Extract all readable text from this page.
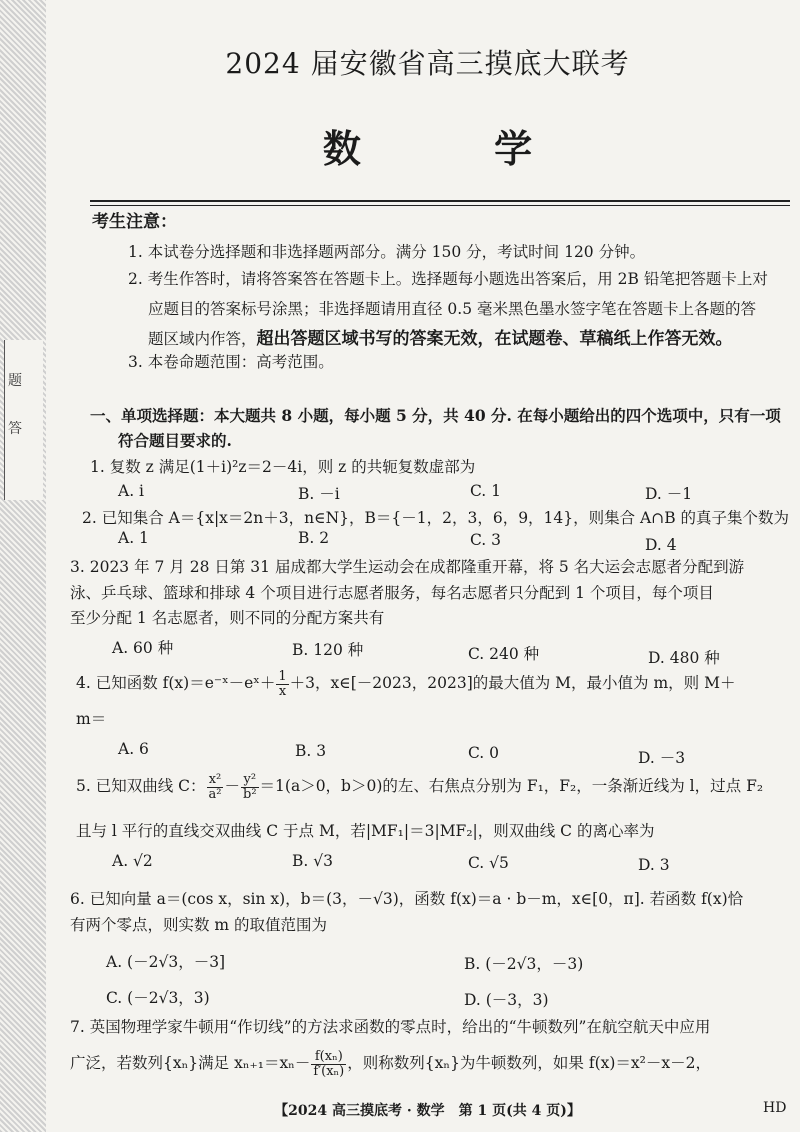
题
答
2024 届安徽省高三摸底大联考
数 学
考生注意：
1. 本试卷分选择题和非选择题两部分。满分 150 分，考试时间 120 分钟。
2. 考生作答时，请将答案答在答题卡上。选择题每小题选出答案后，用 2B 铅笔把答题卡上对
应题目的答案标号涂黑；非选择题请用直径 0.5 毫米黑色墨水签字笔在答题卡上各题的答
题区域内作答，超出答题区域书写的答案无效，在试题卷、草稿纸上作答无效。
3. 本卷命题范围：高考范围。
一、单项选择题：本大题共 8 小题，每小题 5 分，共 40 分. 在每小题给出的四个选项中，只有一项
符合题目要求的.
1. 复数 z 满足(1＋i)²z＝2－4i，则 z 的共轭复数虚部为
A. i	B. －i	C. 1	D. －1
2. 已知集合 A＝{x|x＝2n＋3，n∈N}，B＝{－1，2，3，6，9，14}，则集合 A∩B 的真子集个数为
A. 1	B. 2	C. 3	D. 4
3. 2023 年 7 月 28 日第 31 届成都大学生运动会在成都隆重开幕，将 5 名大运会志愿者分配到游
泳、乒乓球、篮球和排球 4 个项目进行志愿者服务，每名志愿者只分配到 1 个项目，每个项目
至少分配 1 名志愿者，则不同的分配方案共有
A. 60 种	B. 120 种	C. 240 种	D. 480 种
4. 已知函数 f(x)＝e⁻ˣ－eˣ＋ $\frac{1}{x} +3$，x∈[－2023，2023]的最大值为 M，最小值为 m，则 M＋
m＝
A. 6	B. 3	C. 0	D. －3
5. 已知双曲线 C： $\frac{\text{x²}}{\text{a²}} - \frac{\text{y²}}{\text{b²}} =1(a>0$，b＞0)的左、右焦点分别为 F₁，F₂，一条渐近线为 l，过点 F₂
且与 l 平行的直线交双曲线 C 于点 M，若|MF₁|＝3|MF₂|，则双曲线 C 的离心率为
A. √2	B. √3	C. √5	D. 3
6. 已知向量 a＝(cos x，sin x)，b＝(3，－√3)，函数 f(x)＝a · b－m，x∈[0，π]. 若函数 f(x)恰
有两个零点，则实数 m 的取值范围为
A. (－2√3，－3]	B. (－2√3，－3)
C. (－2√3，3)	D. (－3，3)
7. 英国物理学家牛顿用“作切线”的方法求函数的零点时，给出的“牛顿数列”在航空航天中应用
广泛，若数列{xₙ}满足 $x_{n+1}=x_n- \frac{\text{f(xₙ)}}{\text{f′(xₙ)}}$ ，则称数列{xₙ}为牛顿数列，如果 f(x)＝x²－x－2，
【2024 高三摸底考 · 数学　第 1 页(共 4 页)】	HD
